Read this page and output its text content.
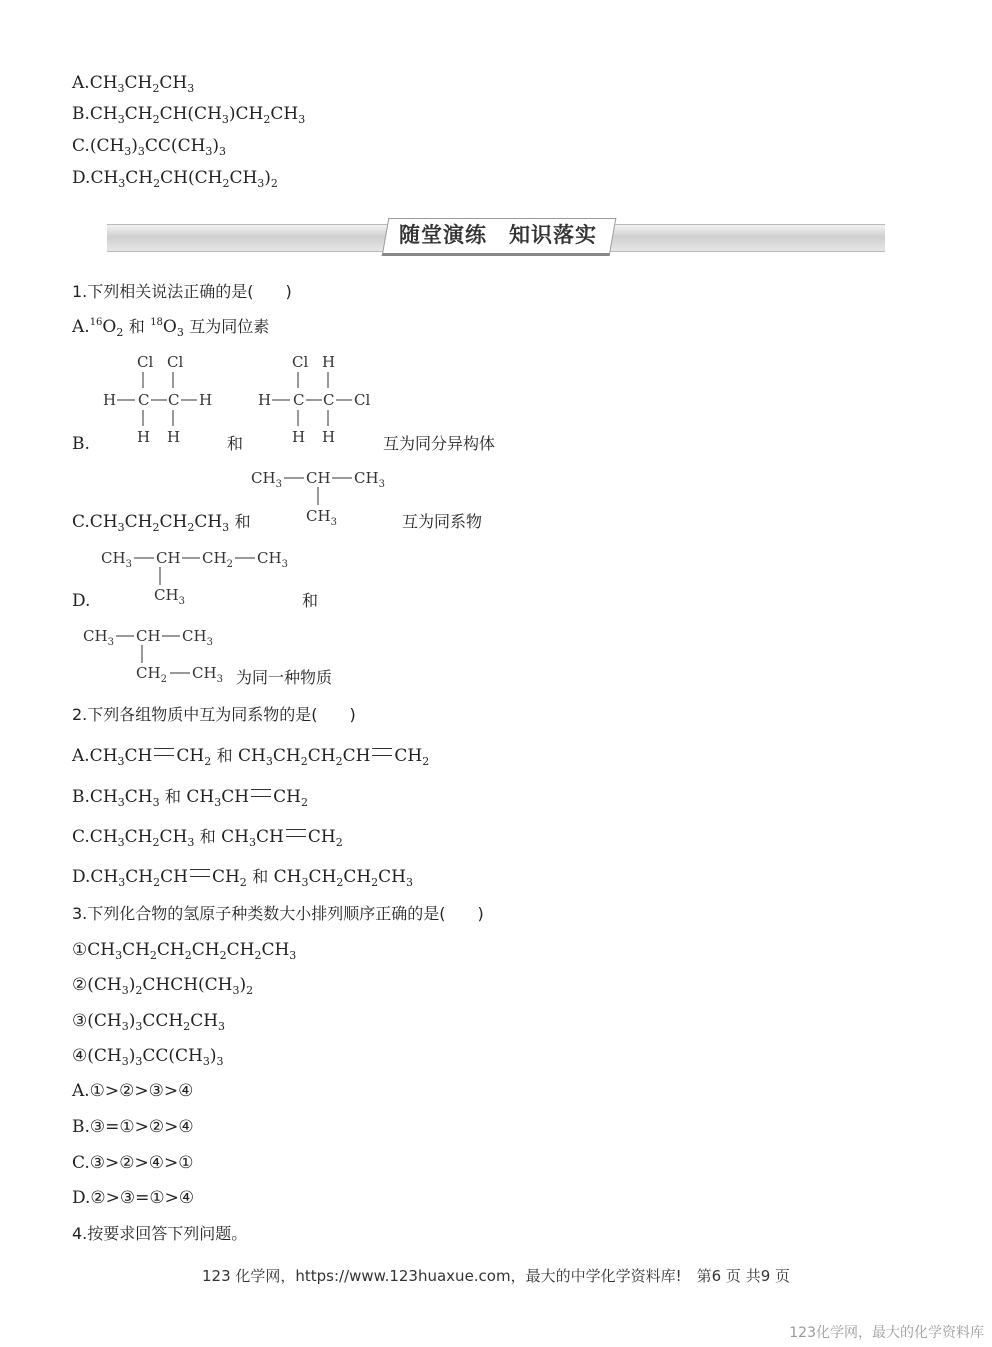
$A.CH_3CH_2CH_3$
$B.CH_3CH_2CH(CH_3)CH_2CH_3$
$C.(CH_3)_3CC(CH_3)_3$
$D.CH_3CH_2CH(CH_2CH_3)_2$
随堂演练　知识落实
1.下列相关说法正确的是(　　)
$A.^{16}O_2$ 和 $^{18}O_3$ 互为同位素
Cl Cl
H C C H
H H
Cl H
H C C Cl
H H
B.	和	互为同分异构体
$CH_3$ CH $CH_3$
$CH_3$
$C.CH_3CH_2CH_2CH_3$ 和	互为同系物
$CH_3$ CH $CH_2$ $CH_3$
$CH_3$
D.	和
$CH_3$ CH $CH_3$
$CH_2$ $CH_3$ 为同一种物质
2.下列各组物质中互为同系物的是(　　)
$A.CH_3CH$ $CH_2$ 和 $CH_3CH_2CH_2CH$ $CH_2$
$B.CH_3CH_3$ 和 $CH_3CH$ $CH_2$
$C.CH_3CH_2CH_3$ 和 $CH_3CH$ $CH_2$
$D.CH_3CH_2CH$ $CH_2$ 和 $CH_3CH_2CH_2CH_3$
3.下列化合物的氢原子种类数大小排列顺序正确的是(　　)
$①CH_3CH_2CH_2CH_2CH_2CH_3$
$②(CH_3)_2CHCH(CH_3)_2$
$③(CH_3)_3CCH_2CH_3$
$④(CH_3)_3CC(CH_3)_3$
A.①>②>③>④
B.③=①>②>④
C.③>②>④>①
D.②>③=①>④
4.按要求回答下列问题。
123 化学网，https://www.123huaxue.com，最大的中学化学资料库!　第6 页 共9 页
123化学网，最大的化学资料库
